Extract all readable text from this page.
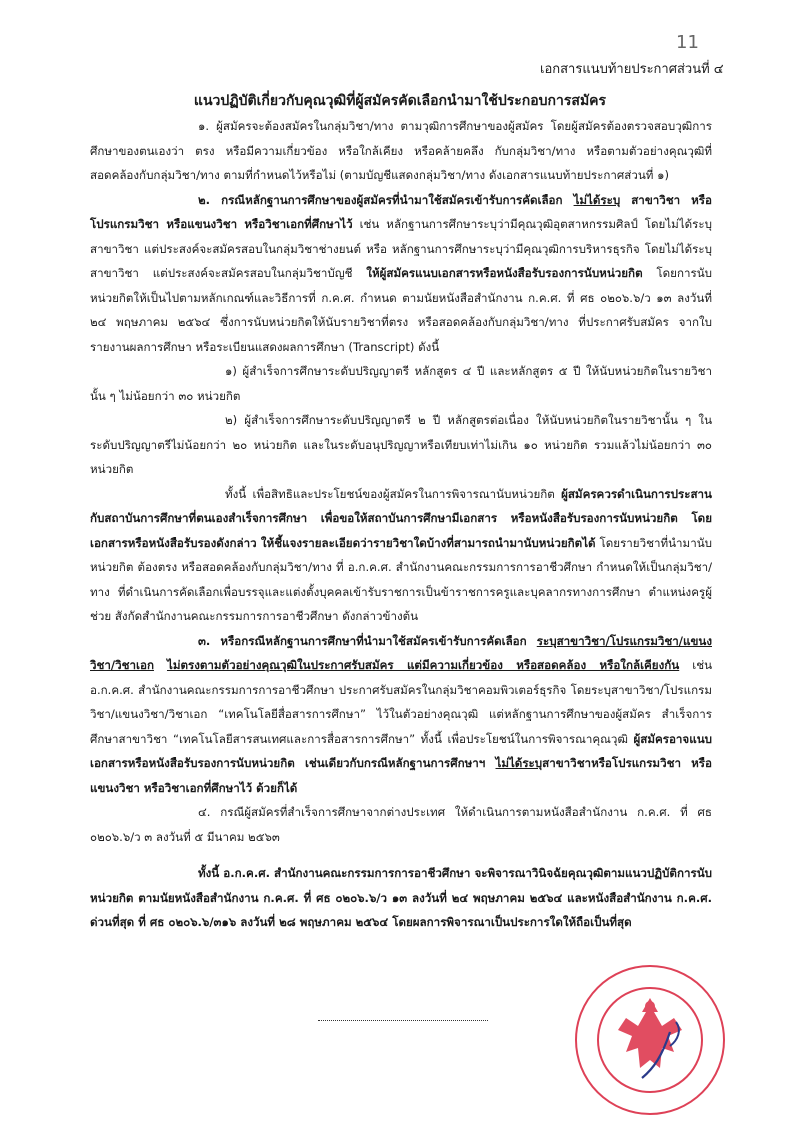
11
เอกสารแนบท้ายประกาศส่วนที่ ๔
แนวปฏิบัติเกี่ยวกับคุณวุฒิที่ผู้สมัครคัดเลือกนำมาใช้ประกอบการสมัคร

๑. ผู้สมัครจะต้องสมัครในกลุ่มวิชา/ทาง ตามวุฒิการศึกษาของผู้สมัคร โดยผู้สมัครต้องตรวจสอบวุฒิการศึกษาของตนเองว่า ตรง หรือมีความเกี่ยวข้อง หรือใกล้เคียง หรือคล้ายคลึง กับกลุ่มวิชา/ทาง หรือตามตัวอย่างคุณวุฒิที่สอดคล้องกับกลุ่มวิชา/ทาง ตามที่กำหนดไว้หรือไม่ (ตามบัญชีแสดงกลุ่มวิชา/ทาง ดังเอกสารแนบท้ายประกาศส่วนที่ ๑)

๒. กรณีหลักฐานการศึกษาของผู้สมัครที่นำมาใช้สมัครเข้ารับการคัดเลือก ไม่ได้ระบุ สาขาวิชา หรือโปรแกรมวิชา หรือแขนงวิชา หรือวิชาเอกที่ศึกษาไว้ เช่น หลักฐานการศึกษาระบุว่ามีคุณวุฒิอุตสาหกรรมศิลป์ โดยไม่ได้ระบุสาขาวิชา แต่ประสงค์จะสมัครสอบในกลุ่มวิชาช่างยนต์ หรือ หลักฐานการศึกษาระบุว่ามีคุณวุฒิการบริหารธุรกิจ โดยไม่ได้ระบุสาขาวิชา แต่ประสงค์จะสมัครสอบในกลุ่มวิชาบัญชี ให้ผู้สมัครแนบเอกสารหรือหนังสือรับรองการนับหน่วยกิต โดยการนับหน่วยกิตให้เป็นไปตามหลักเกณฑ์และวิธีการที่ ก.ค.ศ. กำหนด ตามนัยหนังสือสำนักงาน ก.ค.ศ. ที่ ศธ ๐๒๐๖.๖/ว ๑๓ ลงวันที่ ๒๔ พฤษภาคม ๒๕๖๔ ซึ่งการนับหน่วยกิตให้นับรายวิชาที่ตรง หรือสอดคล้องกับกลุ่มวิชา/ทาง ที่ประกาศรับสมัคร จากใบรายงานผลการศึกษา หรือระเบียนแสดงผลการศึกษา (Transcript) ดังนี้

๑) ผู้สำเร็จการศึกษาระดับปริญญาตรี หลักสูตร ๔ ปี และหลักสูตร ๕ ปี ให้นับหน่วยกิตในรายวิชานั้น ๆ ไม่น้อยกว่า ๓๐ หน่วยกิต

๒) ผู้สำเร็จการศึกษาระดับปริญญาตรี ๒ ปี หลักสูตรต่อเนื่อง ให้นับหน่วยกิตในรายวิชานั้น ๆ ในระดับปริญญาตรีไม่น้อยกว่า ๒๐ หน่วยกิต และในระดับอนุปริญญาหรือเทียบเท่าไม่เกิน ๑๐ หน่วยกิต รวมแล้วไม่น้อยกว่า ๓๐ หน่วยกิต

ทั้งนี้ เพื่อสิทธิและประโยชน์ของผู้สมัครในการพิจารณานับหน่วยกิต ผู้สมัครควรดำเนินการประสานกับสถาบันการศึกษาที่ตนเองสำเร็จการศึกษา เพื่อขอให้สถาบันการศึกษามีเอกสาร หรือหนังสือรับรองการนับหน่วยกิต โดยเอกสารหรือหนังสือรับรองดังกล่าว ให้ชี้แจงรายละเอียดว่ารายวิชาใดบ้างที่สามารถนำมานับหน่วยกิตได้ โดยรายวิชาที่นำมานับหน่วยกิต ต้องตรง หรือสอดคล้องกับกลุ่มวิชา/ทาง ที่ อ.ก.ค.ศ. สำนักงานคณะกรรมการการอาชีวศึกษา กำหนดให้เป็นกลุ่มวิชา/ทาง ที่ดำเนินการคัดเลือกเพื่อบรรจุและแต่งตั้งบุคคลเข้ารับราชการเป็นข้าราชการครูและบุคลากรทางการศึกษา ตำแหน่งครูผู้ช่วย สังกัดสำนักงานคณะกรรมการการอาชีวศึกษา ดังกล่าวข้างต้น

๓. หรือกรณีหลักฐานการศึกษาที่นำมาใช้สมัครเข้ารับการคัดเลือก ระบุสาขาวิชา/โปรแกรมวิชา/แขนงวิชา/วิชาเอก ไม่ตรงตามตัวอย่างคุณวุฒิในประกาศรับสมัคร แต่มีความเกี่ยวข้อง หรือสอดคล้อง หรือใกล้เคียงกัน เช่น อ.ก.ค.ศ. สำนักงานคณะกรรมการการอาชีวศึกษา ประกาศรับสมัครในกลุ่มวิชาคอมพิวเตอร์ธุรกิจ โดยระบุสาขาวิชา/โปรแกรมวิชา/แขนงวิชา/วิชาเอก “เทคโนโลยีสื่อสารการศึกษา” ไว้ในตัวอย่างคุณวุฒิ แต่หลักฐานการศึกษาของผู้สมัคร สำเร็จการศึกษาสาขาวิชา “เทคโนโลยีสารสนเทศและการสื่อสารการศึกษา” ทั้งนี้ เพื่อประโยชน์ในการพิจารณาคุณวุฒิ ผู้สมัครอาจแนบเอกสารหรือหนังสือรับรองการนับหน่วยกิต เช่นเดียวกับกรณีหลักฐานการศึกษาฯ ไม่ได้ระบุสาขาวิชาหรือโปรแกรมวิชา หรือแขนงวิชา หรือวิชาเอกที่ศึกษาไว้ ด้วยก็ได้

๔. กรณีผู้สมัครที่สำเร็จการศึกษาจากต่างประเทศ ให้ดำเนินการตามหนังสือสำนักงาน ก.ค.ศ. ที่ ศธ ๐๒๐๖.๖/ว ๓ ลงวันที่ ๕ มีนาคม ๒๕๖๓

ทั้งนี้ อ.ก.ค.ศ. สำนักงานคณะกรรมการการอาชีวศึกษา จะพิจารณาวินิจฉัยคุณวุฒิตามแนวปฏิบัติการนับหน่วยกิต ตามนัยหนังสือสำนักงาน ก.ค.ศ. ที่ ศธ ๐๒๐๖.๖/ว ๑๓ ลงวันที่ ๒๔ พฤษภาคม ๒๕๖๔ และหนังสือสำนักงาน ก.ค.ศ. ด่วนที่สุด ที่ ศธ ๐๒๐๖.๖/๓๑๖ ลงวันที่ ๒๘ พฤษภาคม ๒๕๖๔ โดยผลการพิจารณาเป็นประการใดให้ถือเป็นที่สุด
